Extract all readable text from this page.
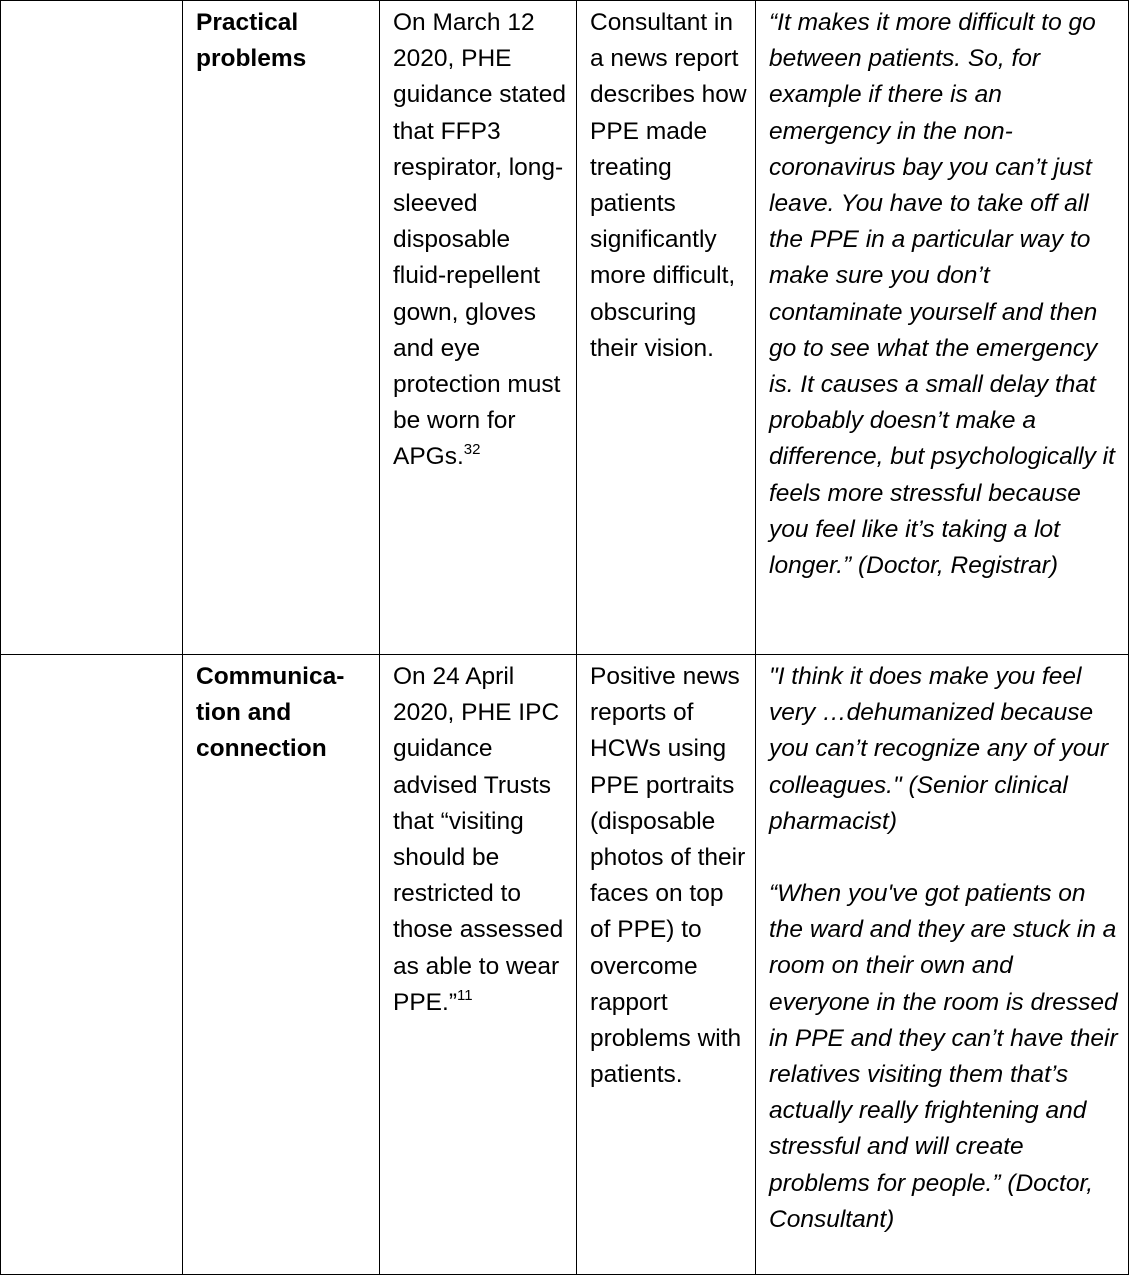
	Practical problems	On March 12 2020, PHE guidance stated that FFP3 respirator, long-sleeved disposable fluid-repellent gown, gloves and eye protection must be worn for APGs.$^{32}$	Consultant in a news report describes how PPE made treating patients significantly more difficult, obscuring their vision.	“It makes it more difficult to go between patients. So, for example if there is an emergency in the non-coronavirus bay you can’t just leave. You have to take off all the PPE in a particular way to make sure you don’t contaminate yourself and then go to see what the emergency is. It causes a small delay that probably doesn’t make a difference, but psychologically it feels more stressful because you feel like it’s taking a lot longer.” (Doctor, Registrar)

	Communica-tion and connection	On 24 April 2020, PHE IPC guidance advised Trusts that “visiting should be restricted to those assessed as able to wear PPE.”$^{11}$	Positive news reports of HCWs using PPE portraits (disposable photos of their faces on top of PPE) to overcome rapport problems with patients.	"I think it does make you feel very …dehumanized because you can’t recognize any of your colleagues." (Senior clinical pharmacist)
“When you've got patients on the ward and they are stuck in a room on their own and everyone in the room is dressed in PPE and they can’t have their relatives visiting them that’s actually really frightening and stressful and will create problems for people.” (Doctor, Consultant)
